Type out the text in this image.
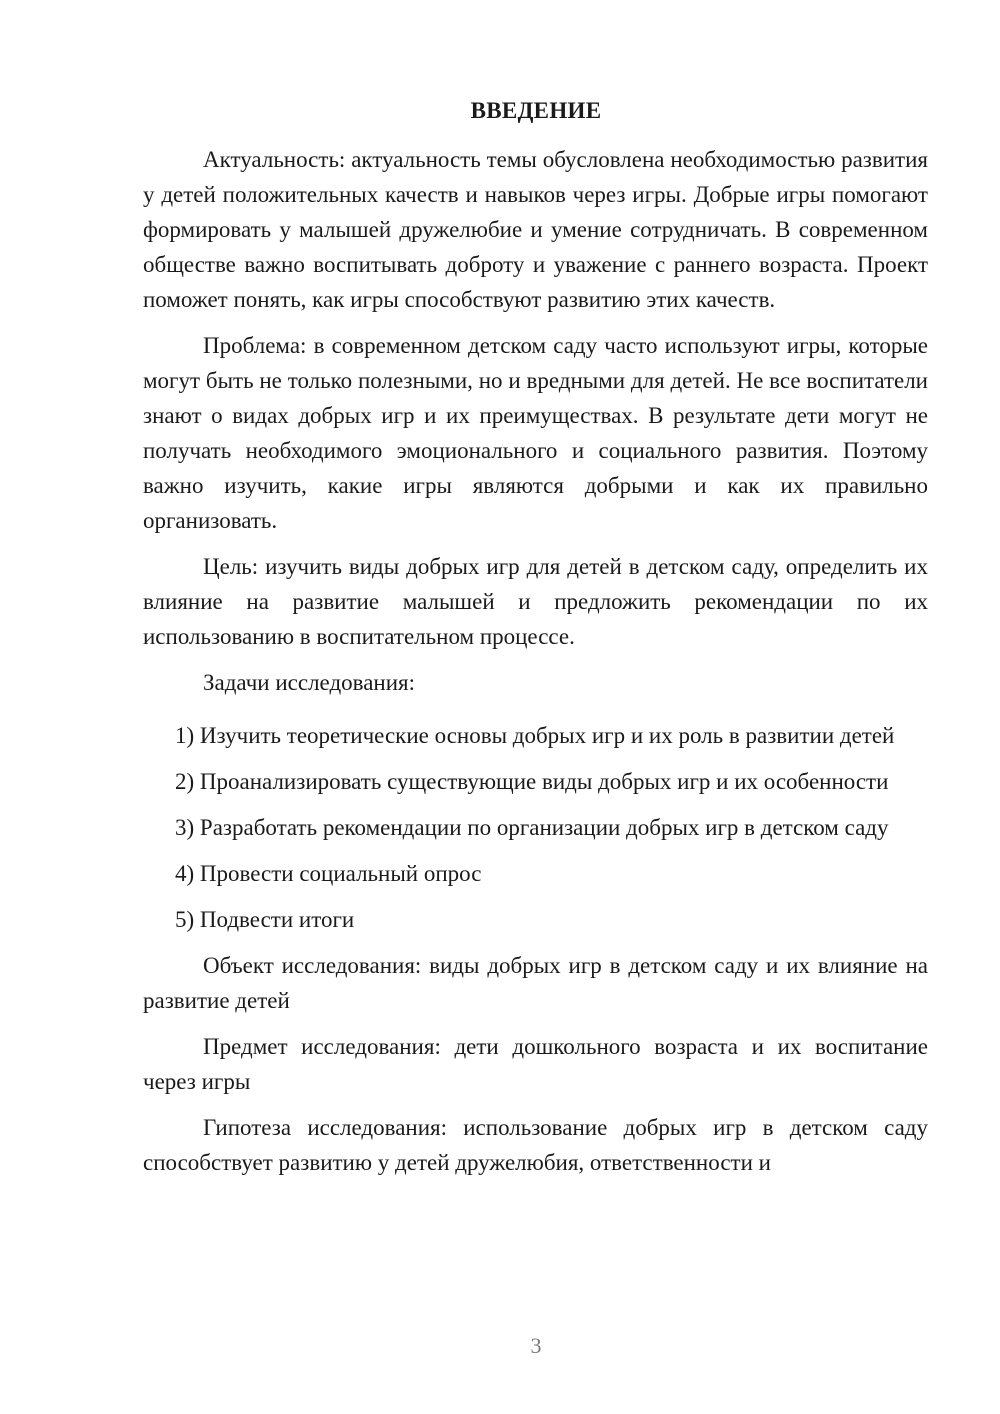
ВВЕДЕНИЕ

Актуальность: актуальность темы обусловлена необходимостью развития у детей положительных качеств и навыков через игры. Добрые игры помогают формировать у малышей дружелюбие и умение сотрудничать. В современном обществе важно воспитывать доброту и уважение с раннего возраста. Проект поможет понять, как игры способствуют развитию этих качеств.

Проблема: в современном детском саду часто используют игры, которые могут быть не только полезными, но и вредными для детей. Не все воспитатели знают о видах добрых игр и их преимуществах. В результате дети могут не получать необходимого эмоционального и социального развития. Поэтому важно изучить, какие игры являются добрыми и как их правильно организовать.

Цель: изучить виды добрых игр для детей в детском саду, определить их влияние на развитие малышей и предложить рекомендации по их использованию в воспитательном процессе.

Задачи исследования:

1) Изучить теоретические основы добрых игр и их роль в развитии детей

2) Проанализировать существующие виды добрых игр и их особенности

3) Разработать рекомендации по организации добрых игр в детском саду

4) Провести социальный опрос

5) Подвести итоги

Объект исследования: виды добрых игр в детском саду и их влияние на развитие детей

Предмет исследования: дети дошкольного возраста и их воспитание через игры

Гипотеза исследования: использование добрых игр в детском саду способствует развитию у детей дружелюбия, ответственности и

3
